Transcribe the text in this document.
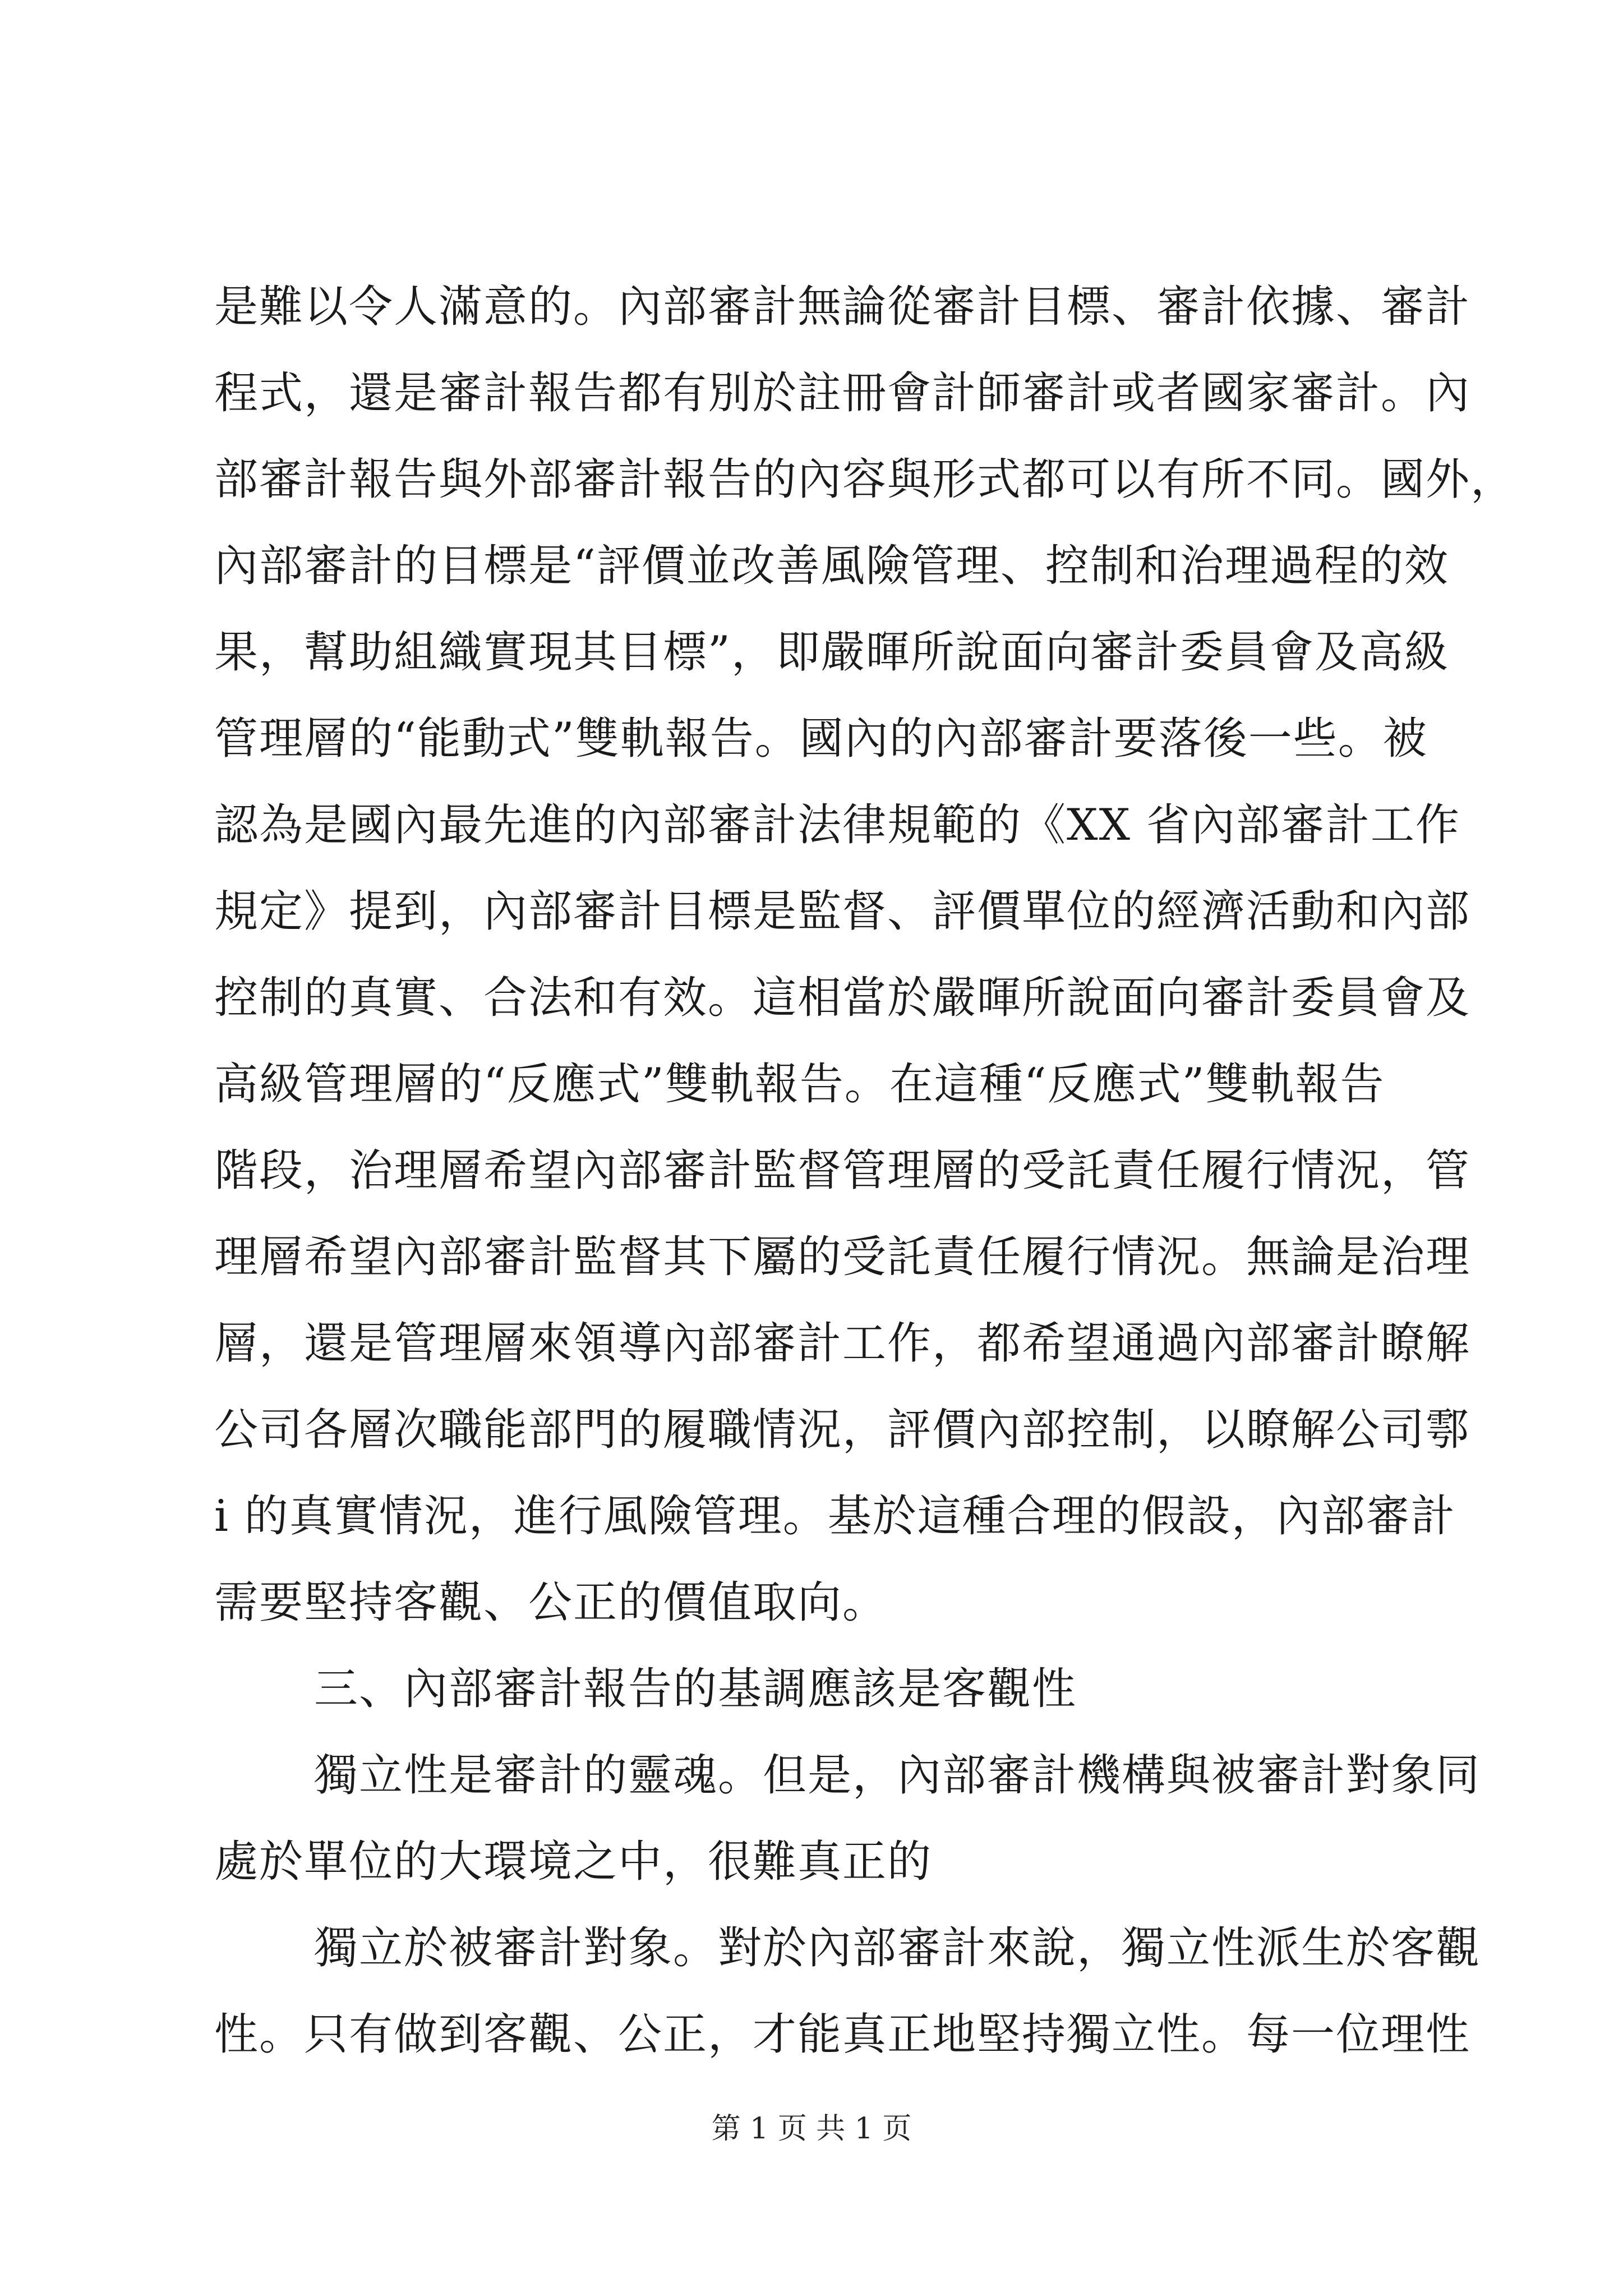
是難以令人滿意的。內部審計無論從審計目標、審計依據、審計
程式，還是審計報告都有別於註冊會計師審計或者國家審計。內
部審計報告與外部審計報告的內容與形式都可以有所不同。國外，
內部審計的目標是“評價並改善風險管理、控制和治理過程的效
果，幫助組織實現其目標”，即嚴暉所說面向審計委員會及高級
管理層的“能動式”雙軌報告。國內的內部審計要落後一些。被
認為是國內最先進的內部審計法律規範的《XX 省內部審計工作
規定》提到，內部審計目標是監督、評價單位的經濟活動和內部
控制的真實、合法和有效。這相當於嚴暉所說面向審計委員會及
高級管理層的“反應式”雙軌報告。在這種“反應式”雙軌報告
階段，治理層希望內部審計監督管理層的受託責任履行情況，管
理層希望內部審計監督其下屬的受託責任履行情況。無論是治理
層，還是管理層來領導內部審計工作，都希望通過內部審計瞭解
公司各層次職能部門的履職情況，評價內部控制，以瞭解公司鄠
i 的真實情況，進行風險管理。基於這種合理的假設，內部審計
需要堅持客觀、公正的價值取向。
三、內部審計報告的基調應該是客觀性
獨立性是審計的靈魂。但是，內部審計機構與被審計對象同
處於單位的大環境之中，很難真正的
獨立於被審計對象。對於內部審計來說，獨立性派生於客觀
性。只有做到客觀、公正，才能真正地堅持獨立性。每一位理性
第 1 页 共 1 页
